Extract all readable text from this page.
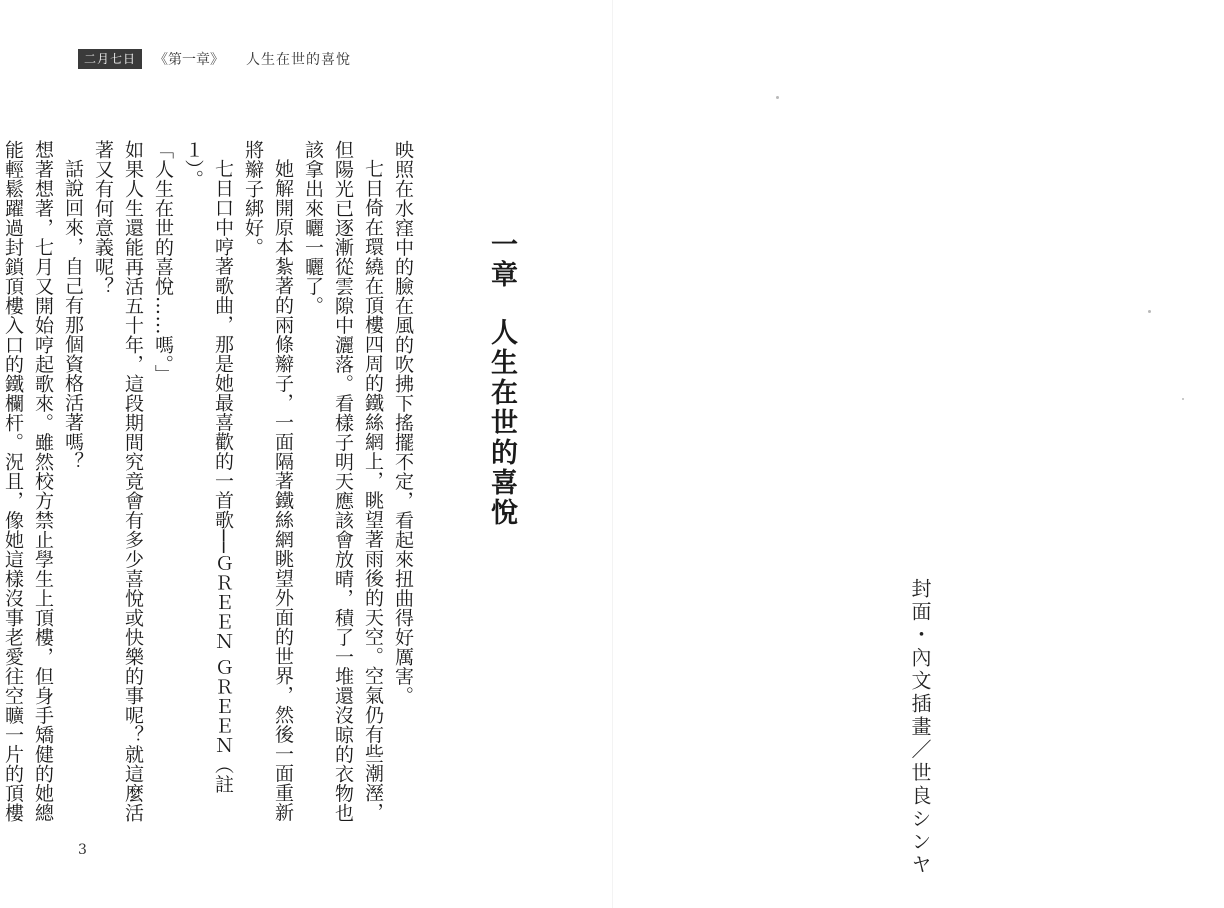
二月七日	《第一章》 人生在世的喜悅

映照在水窪中的臉在風的吹拂下搖擺不定，看起來扭曲得好厲害。

七日倚在環繞在頂樓四周的鐵絲網上，眺望著雨後的天空。空氣仍有些潮溼，但陽光已逐漸從雲隙中灑落。看樣子明天應該會放晴，積了一堆還沒晾的衣物也該拿出來曬一曬了。

她解開原本紮著的兩條辮子，一面隔著鐵絲網眺望外面的世界，然後一面重新將辮子綁好。

七日口中哼著歌曲，那是她最喜歡的一首歌──ＧＲＥＥＮ ＧＲＥＥＮ（註１）。

「人生在世的喜悅……嗎。」

如果人生還能再活五十年，這段期間究竟會有多少喜悅或快樂的事呢？就這麼活著又有何意義呢？

話說回來，自己有那個資格活著嗎？

想著想著，七月又開始哼起歌來。雖然校方禁止學生上頂樓，但身手矯健的她總能輕鬆躍過封鎖頂樓入口的鐵欄杆。況且，像她這樣沒事老愛往空曠一片的頂樓

3
一章人生在世的喜悅
封面・內文插畫／世良シンヤ
